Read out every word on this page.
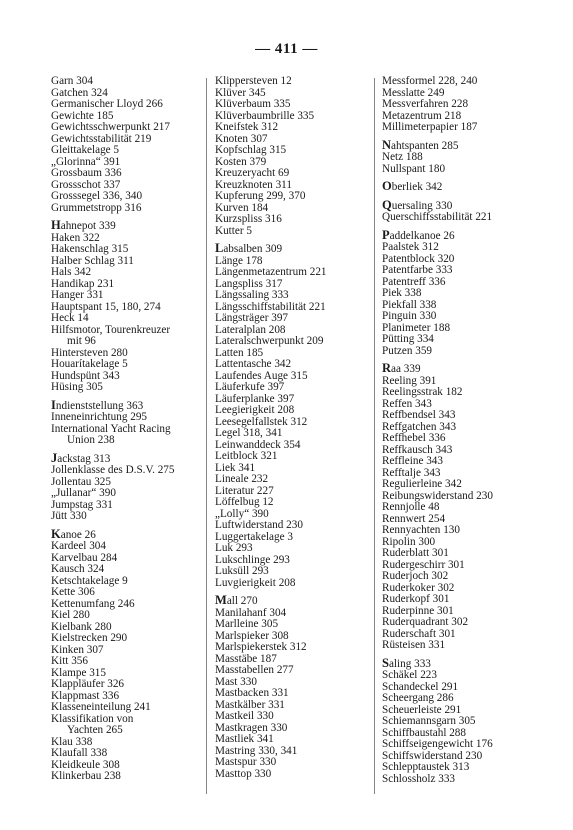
— 411 —
Garn 304
Gatchen 324
Germanischer Lloyd 266
Gewichte 185
Gewichtsschwerpunkt 217
Gewichtsstabilität 219
Gleittakelage 5
„Glorinna“ 391
Grossbaum 336
Grossschot 337
Grosssegel 336, 340
Grummetstropp 316
Hahnepot 339
Haken 322
Hakenschlag 315
Halber Schlag 311
Hals 342
Handikap 231
Hanger 331
Hauptspant 15, 180, 274
Heck 14
Hilfsmotor, Tourenkreuzer
mit 96
Hintersteven 280
Houarítakelage 5
Hundspünt 343
Hüsing 305
Indienststellung 363
Inneneinrichtung 295
International Yacht Racing
Union 238
Jackstag 313
Jollenklasse des D.S.V. 275
Jollentau 325
„Jullanar“ 390
Jumpstag 331
Jütt 330
Kanoe 26
Kardeel 304
Karvelbau 284
Kausch 324
Ketschtakelage 9
Kette 306
Kettenumfang 246
Kiel 280
Kielbank 280
Kielstrecken 290
Kinken 307
Kitt 356
Klampe 315
Klappläufer 326
Klappmast 336
Klasseneinteilung 241
Klassifikation von
Yachten 265
Klau 338
Klaufall 338
Kleidkeule 308
Klinkerbau 238
Klippersteven 12
Klüver 345
Klüverbaum 335
Klüverbaumbrille 335
Kneifstek 312
Knoten 307
Kopfschlag 315
Kosten 379
Kreuzeryacht 69
Kreuzknoten 311
Kupferung 299, 370
Kurven 184
Kurzspliss 316
Kutter 5
Labsalben 309
Länge 178
Längenmetazentrum 221
Langspliss 317
Längssaling 333
Längsschiffstabilität 221
Längsträger 397
Lateralplan 208
Lateralschwerpunkt 209
Latten 185
Lattentasche 342
Laufendes Auge 315
Läuferkufe 397
Läuferplanke 397
Leegierigkeit 208
Leesegelfallstek 312
Legel 318, 341
Leinwanddeck 354
Leitblock 321
Liek 341
Lineale 232
Literatur 227
Löffelbug 12
„Lolly“ 390
Luftwiderstand 230
Luggertakelage 3
Luk 293
Lukschlinge 293
Luksüll 293
Luvgierigkeit 208
Mall 270
Manilahanf 304
Marlleine 305
Marlspieker 308
Marlspiekerstek 312
Masstäbe 187
Masstabellen 277
Mast 330
Mastbacken 331
Mastkälber 331
Mastkeil 330
Mastkragen 330
Mastliek 341
Mastring 330, 341
Mastspur 330
Masttop 330
Messformel 228, 240
Messlatte 249
Messverfahren 228
Metazentrum 218
Millimeterpapier 187
Nahtspanten 285
Netz 188
Nullspant 180
Oberliek 342
Quersaling 330
Querschiffsstabilität 221
Paddelkanoe 26
Paalstek 312
Patentblock 320
Patentfarbe 333
Patentreff 336
Piek 338
Piekfall 338
Pinguin 330
Planimeter 188
Pütting 334
Putzen 359
Raa 339
Reeling 391
Reelingsstrak 182
Reffen 343
Reffbendsel 343
Reffgatchen 343
Reffhebel 336
Reffkausch 343
Reffleine 343
Refftalje 343
Regulierleine 342
Reibungswiderstand 230
Rennjolle 48
Rennwert 254
Rennyachten 130
Ripolin 300
Ruderblatt 301
Rudergeschirr 301
Ruderjoch 302
Ruderkoker 302
Ruderkopf 301
Ruderpinne 301
Ruderquadrant 302
Ruderschaft 301
Rüsteisen 331
Saling 333
Schäkel 223
Schandeckel 291
Scheergang 286
Scheuerleiste 291
Schiemannsgarn 305
Schiffbaustahl 288
Schiffseigengewicht 176
Schiffswiderstand 230
Schlepptaustek 313
Schlossholz 333
